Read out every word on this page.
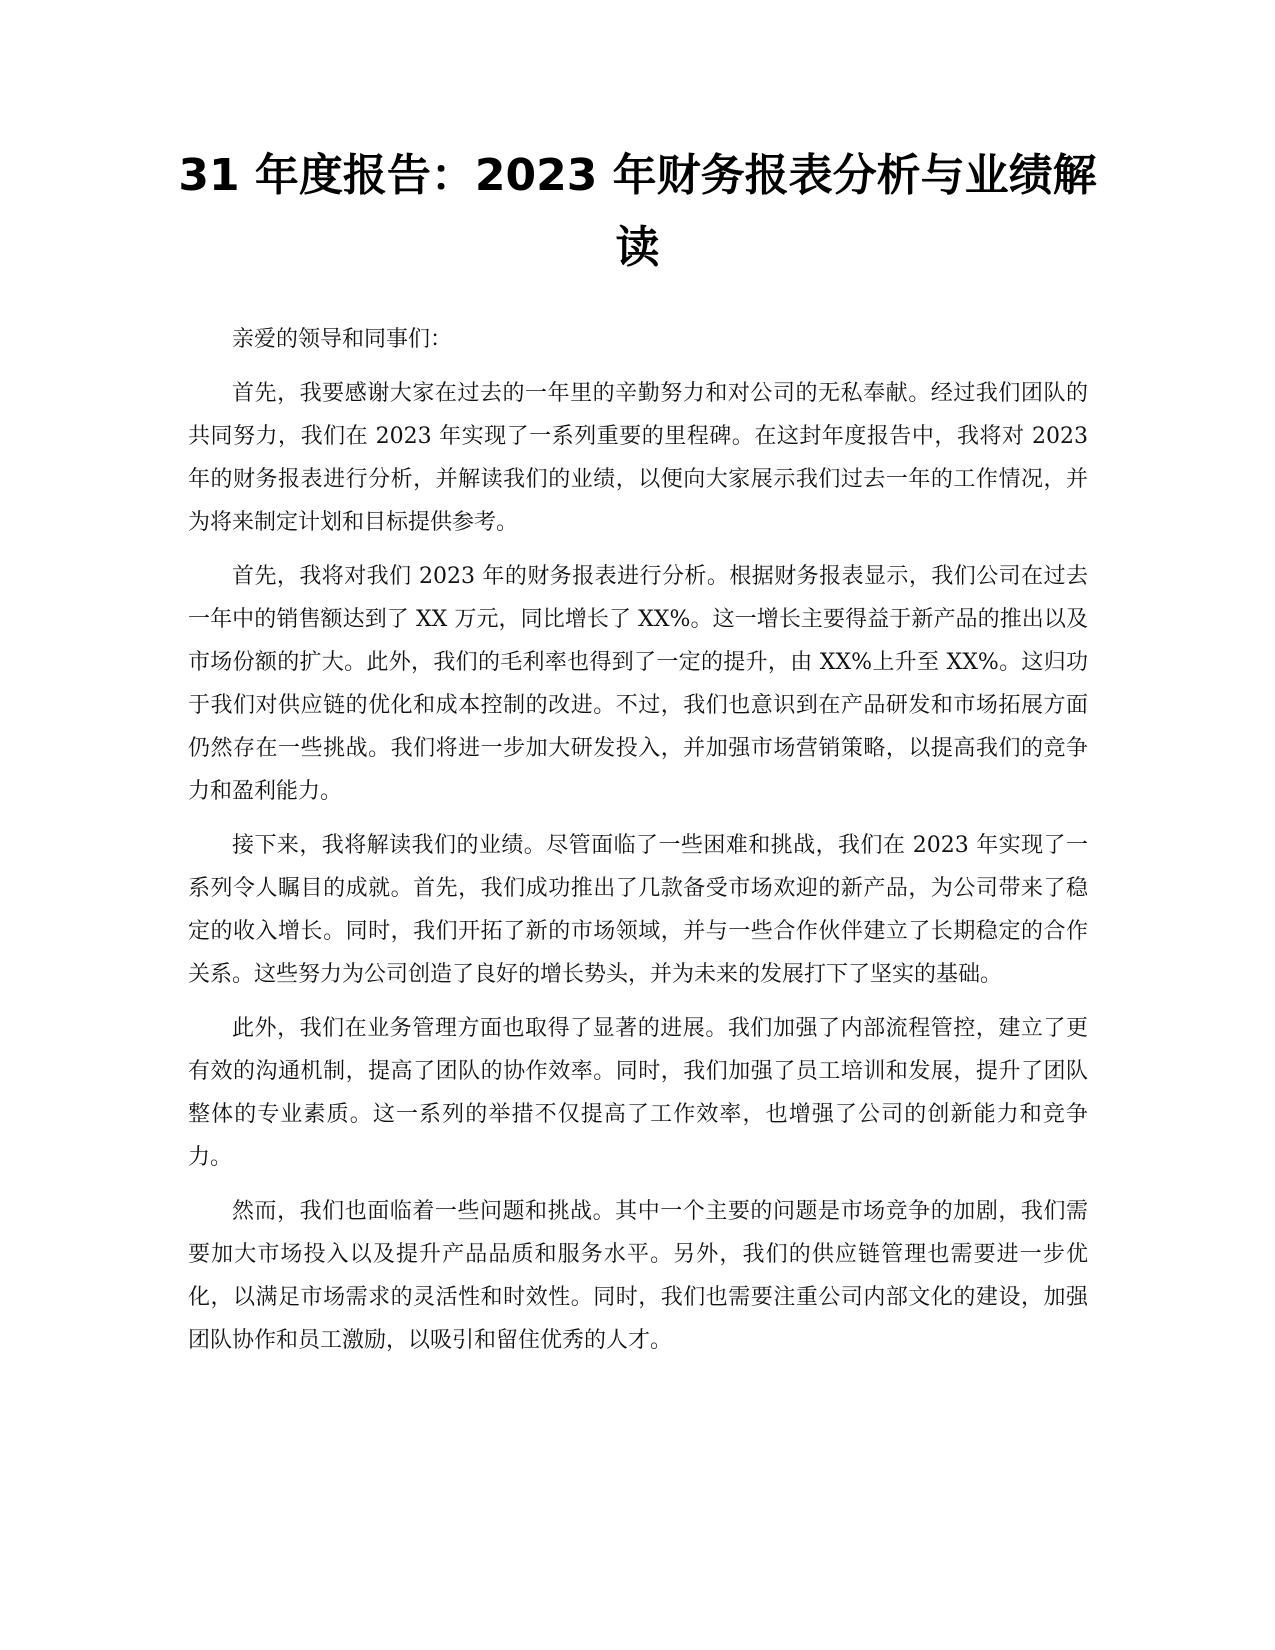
31 年度报告：2023 年财务报表分析与业绩解读

亲爱的领导和同事们：

首先，我要感谢大家在过去的一年里的辛勤努力和对公司的无私奉献。经过我们团队的共同努力，我们在 2023 年实现了一系列重要的里程碑。在这封年度报告中，我将对 2023 年的财务报表进行分析，并解读我们的业绩，以便向大家展示我们过去一年的工作情况，并为将来制定计划和目标提供参考。

首先，我将对我们 2023 年的财务报表进行分析。根据财务报表显示，我们公司在过去一年中的销售额达到了 XX 万元，同比增长了 XX%。这一增长主要得益于新产品的推出以及市场份额的扩大。此外，我们的毛利率也得到了一定的提升，由 XX%上升至 XX%。这归功于我们对供应链的优化和成本控制的改进。不过，我们也意识到在产品研发和市场拓展方面仍然存在一些挑战。我们将进一步加大研发投入，并加强市场营销策略，以提高我们的竞争力和盈利能力。

接下来，我将解读我们的业绩。尽管面临了一些困难和挑战，我们在 2023 年实现了一系列令人瞩目的成就。首先，我们成功推出了几款备受市场欢迎的新产品，为公司带来了稳定的收入增长。同时，我们开拓了新的市场领域，并与一些合作伙伴建立了长期稳定的合作关系。这些努力为公司创造了良好的增长势头，并为未来的发展打下了坚实的基础。

此外，我们在业务管理方面也取得了显著的进展。我们加强了内部流程管控，建立了更有效的沟通机制，提高了团队的协作效率。同时，我们加强了员工培训和发展，提升了团队整体的专业素质。这一系列的举措不仅提高了工作效率，也增强了公司的创新能力和竞争力。

然而，我们也面临着一些问题和挑战。其中一个主要的问题是市场竞争的加剧，我们需要加大市场投入以及提升产品品质和服务水平。另外，我们的供应链管理也需要进一步优化，以满足市场需求的灵活性和时效性。同时，我们也需要注重公司内部文化的建设，加强团队协作和员工激励，以吸引和留住优秀的人才。
